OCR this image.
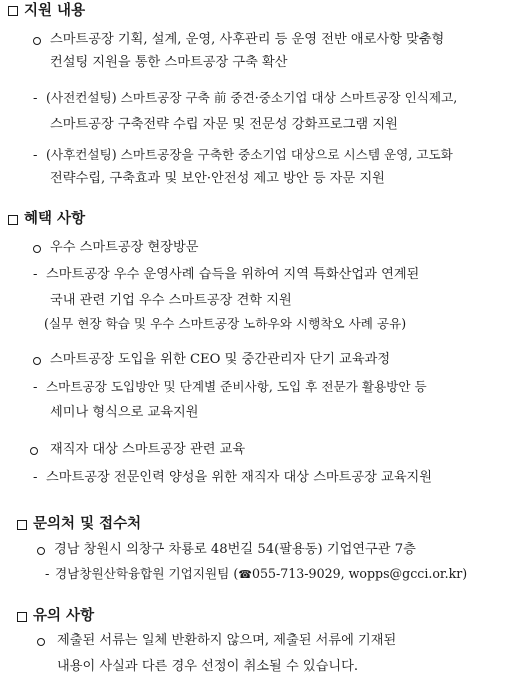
지원 내용
스마트공장 기획, 설계, 운영, 사후관리 등 운영 전반 애로사항 맞춤형
컨설팅 지원을 통한 스마트공장 구축 확산
- (사전컨설팅) 스마트공장 구축 前 중견·중소기업 대상 스마트공장 인식제고,
스마트공장 구축전략 수립 자문 및 전문성 강화프로그램 지원
- (사후컨설팅) 스마트공장을 구축한 중소기업 대상으로 시스템 운영, 고도화
전략수립, 구축효과 및 보안·안전성 제고 방안 등 자문 지원
혜택 사항
우수 스마트공장 현장방문
- 스마트공장 우수 운영사례 습득을 위하여 지역 특화산업과 연계된
국내 관련 기업 우수 스마트공장 견학 지원
(실무 현장 학습 및 우수 스마트공장 노하우와 시행착오 사례 공유)
스마트공장 도입을 위한 CEO 및 중간관리자 단기 교육과정
- 스마트공장 도입방안 및 단계별 준비사항, 도입 후 전문가 활용방안 등
세미나 형식으로 교육지원
재직자 대상 스마트공장 관련 교육
- 스마트공장 전문인력 양성을 위한 재직자 대상 스마트공장 교육지원
문의처 및 접수처
경남 창원시 의창구 차룡로 48번길 54(팔용동) 기업연구관 7층
- 경남창원산학융합원 기업지원팀 (☎055-713-9029, wopps@gcci.or.kr)
유의 사항
제출된 서류는 일체 반환하지 않으며, 제출된 서류에 기재된
내용이 사실과 다른 경우 선정이 취소될 수 있습니다.
